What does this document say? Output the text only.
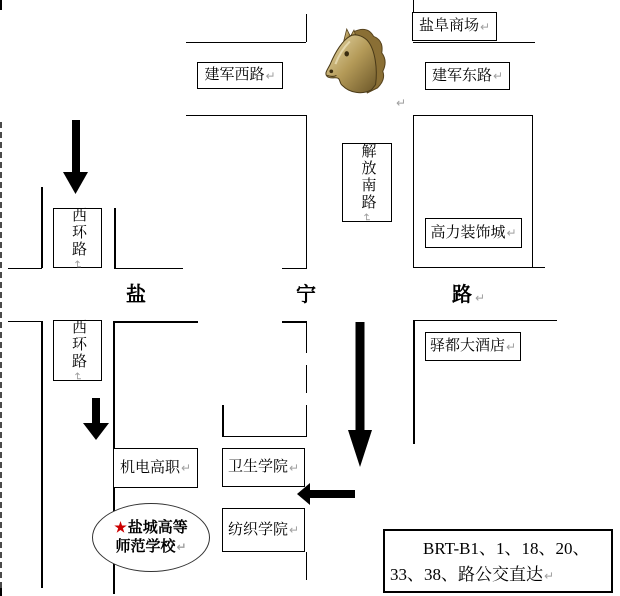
↵
盐阜商场 ↵
建军西路 ↵	建军东路 ↵
解放南路
↵
高力装饰城 ↵
西环路
↵
西环路
↵
驿都大酒店 ↵
机电高职 ↵ 卫生学院 ↵
纺织学院 ↵
★盐城高等
师范学校↵
盐	宁	路 ↵
BRT-B1、1、18、20、
33、38、路公交直达↵
